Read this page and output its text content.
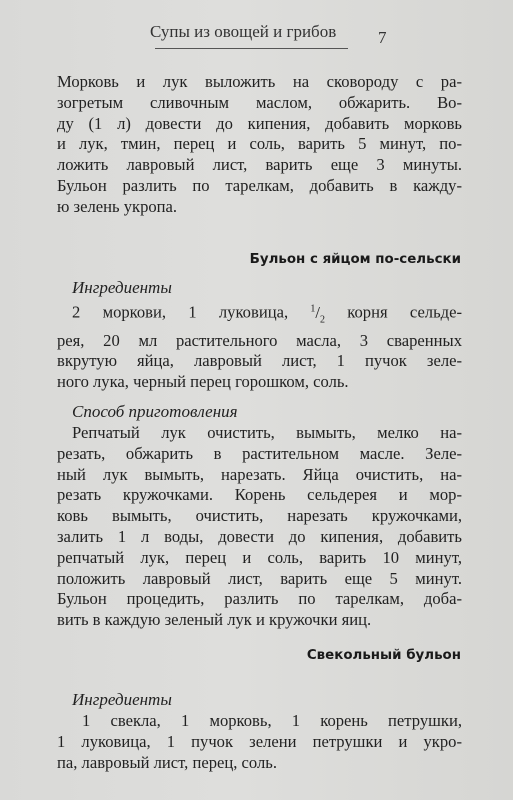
Супы из овощей и грибов	7
Морковь и лук выложить на сковороду с ра-
зогретым сливочным маслом, обжарить. Во-
ду (1 л) довести до кипения, добавить морковь
и лук, тмин, перец и соль, варить 5 минут, по-
ложить лавровый лист, варить еще 3 минуты.
Бульон разлить по тарелкам, добавить в кажду-
ю зелень укропа.
Бульон с яйцом по-сельски
Ингредиенты
2 моркови, 1 луковица, $^1/_2$ корня сельде-
рея, 20 мл растительного масла, 3 сваренных
вкрутую яйца, лавровый лист, 1 пучок зеле-
ного лука, черный перец горошком, соль.
Способ приготовления
Репчатый лук очистить, вымыть, мелко на-
резать, обжарить в растительном масле. Зеле-
ный лук вымыть, нарезать. Яйца очистить, на-
резать кружочками. Корень сельдерея и мор-
ковь вымыть, очистить, нарезать кружочками,
залить 1 л воды, довести до кипения, добавить
репчатый лук, перец и соль, варить 10 минут,
положить лавровый лист, варить еще 5 минут.
Бульон процедить, разлить по тарелкам, доба-
вить в каждую зеленый лук и кружочки яиц.
Свекольный бульон
Ингредиенты
1 свекла, 1 морковь, 1 корень петрушки,
1 луковица, 1 пучок зелени петрушки и укро-
па, лавровый лист, перец, соль.
